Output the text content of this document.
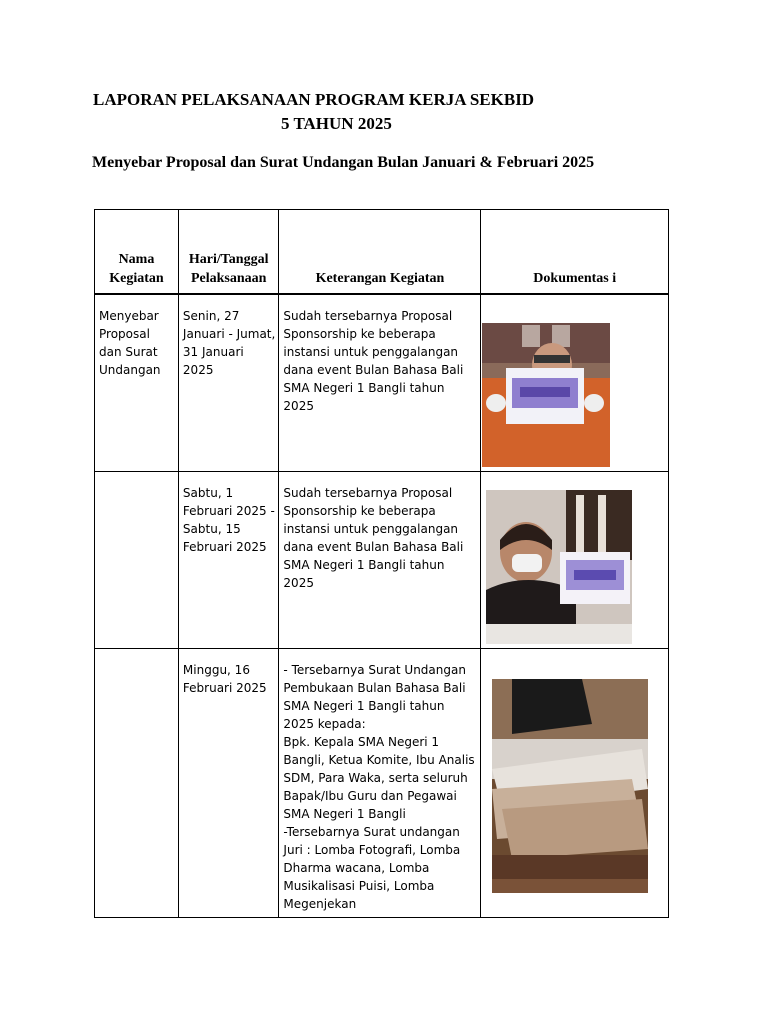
LAPORAN PELAKSANAAN PROGRAM KERJA SEKBID
5 TAHUN 2025
Menyebar Proposal dan Surat Undangan Bulan Januari & Februari 2025
Nama Kegiatan	Hari/Tanggal Pelaksanaan	Keterangan Kegiatan	Dokumentas i
Menyebar Proposal dan Surat Undangan	Senin, 27 Januari - Jumat, 31 Januari 2025	Sudah tersebarnya Proposal Sponsorship ke beberapa instansi untuk penggalangan dana event Bulan Bahasa Bali SMA Negeri 1 Bangli tahun 2025	

	Sabtu, 1 Februari 2025 - Sabtu, 15 Februari 2025	Sudah tersebarnya Proposal Sponsorship ke beberapa instansi untuk penggalangan dana event Bulan Bahasa Bali SMA Negeri 1 Bangli tahun 2025	

	Minggu, 16 Februari 2025	- Tersebarnya Surat Undangan Pembukaan Bulan Bahasa Bali SMA Negeri 1 Bangli tahun 2025 kepada:
Bpk. Kepala SMA Negeri 1 Bangli, Ketua Komite, Ibu Analis SDM, Para Waka, serta seluruh Bapak/Ibu Guru dan Pegawai SMA Negeri 1 Bangli
-Tersebarnya Surat undangan Juri : Lomba Fotografi, Lomba Dharma wacana, Lomba Musikalisasi Puisi, Lomba Megenjekan
